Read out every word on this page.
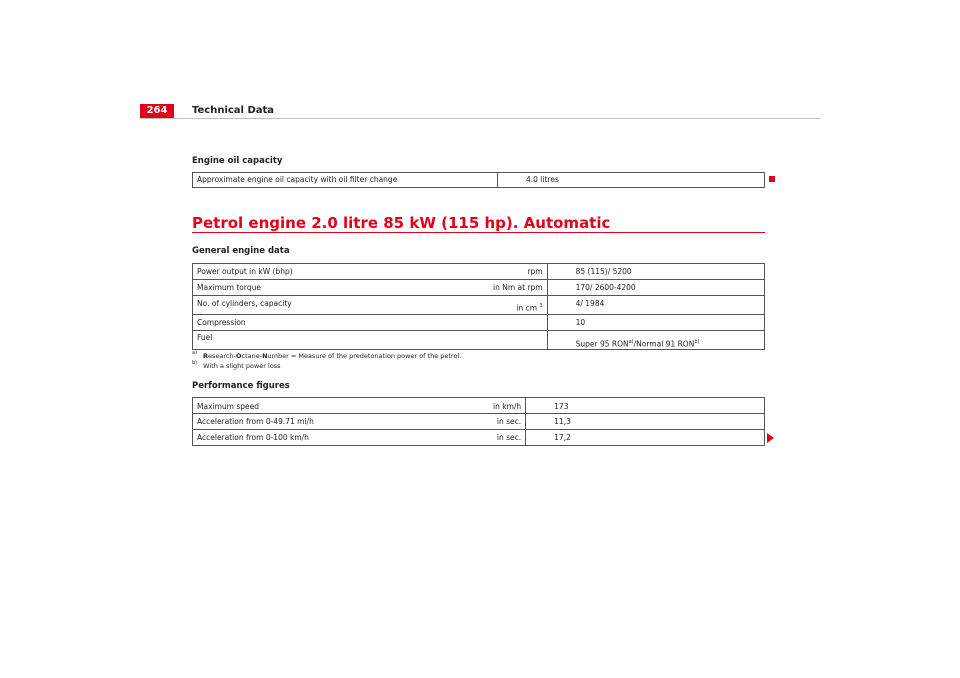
264	Technical Data
Engine oil capacity
Approximate engine oil capacity with oil filter change		4.0 litres
Petrol engine 2.0 litre 85 kW (115 hp). Automatic
General engine data
Power output in kW (bhp)	rpm	85 (115)/ 5200
Maximum torque	in Nm at rpm	170/ 2600-4200
No. of cylinders, capacity	in cm $^3$	4/ 1984
Compression		10
Fuel		Super 95 RON$^{a)}$/Normal 91 RON$^{b)}$
$^{a)}$ Research-Octane-Number = Measure of the predetonation power of the petrol.
$^{b)}$ With a slight power loss
Performance figures
Maximum speed	in km/h	173
Acceleration from 0-49.71 mi/h	in sec.	11,3
Acceleration from 0-100 km/h	in sec.	17,2
